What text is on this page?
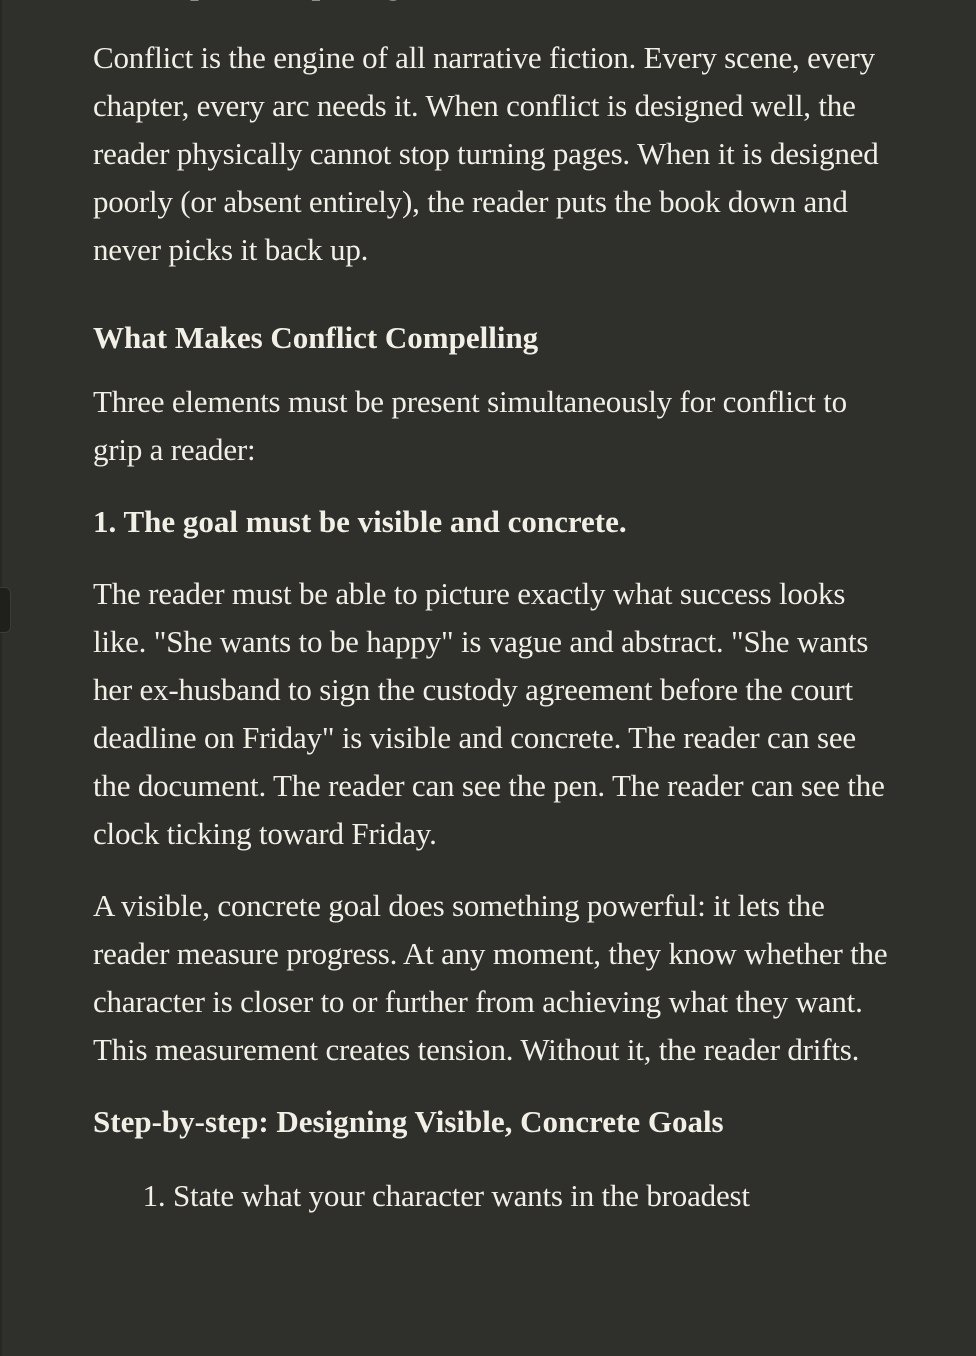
Conflict is the engine of all narrative fiction. Every scene, every chapter, every arc needs it. When conflict is designed well, the reader physically cannot stop turning pages. When it is designed poorly (or absent entirely), the reader puts the book down and never picks it back up.

What Makes Conflict Compelling

Three elements must be present simultaneously for conflict to grip a reader:

1. The goal must be visible and concrete.

The reader must be able to picture exactly what success looks like. "She wants to be happy" is vague and abstract. "She wants her ex-husband to sign the custody agreement before the court deadline on Friday" is visible and concrete. The reader can see the document. The reader can see the pen. The reader can see the clock ticking toward Friday.

A visible, concrete goal does something powerful: it lets the reader measure progress. At any moment, they know whether the character is closer to or further from achieving what they want. This measurement creates tension. Without it, the reader drifts.

Step-by-step: Designing Visible, Concrete Goals
1. State what your character wants in the broadest
